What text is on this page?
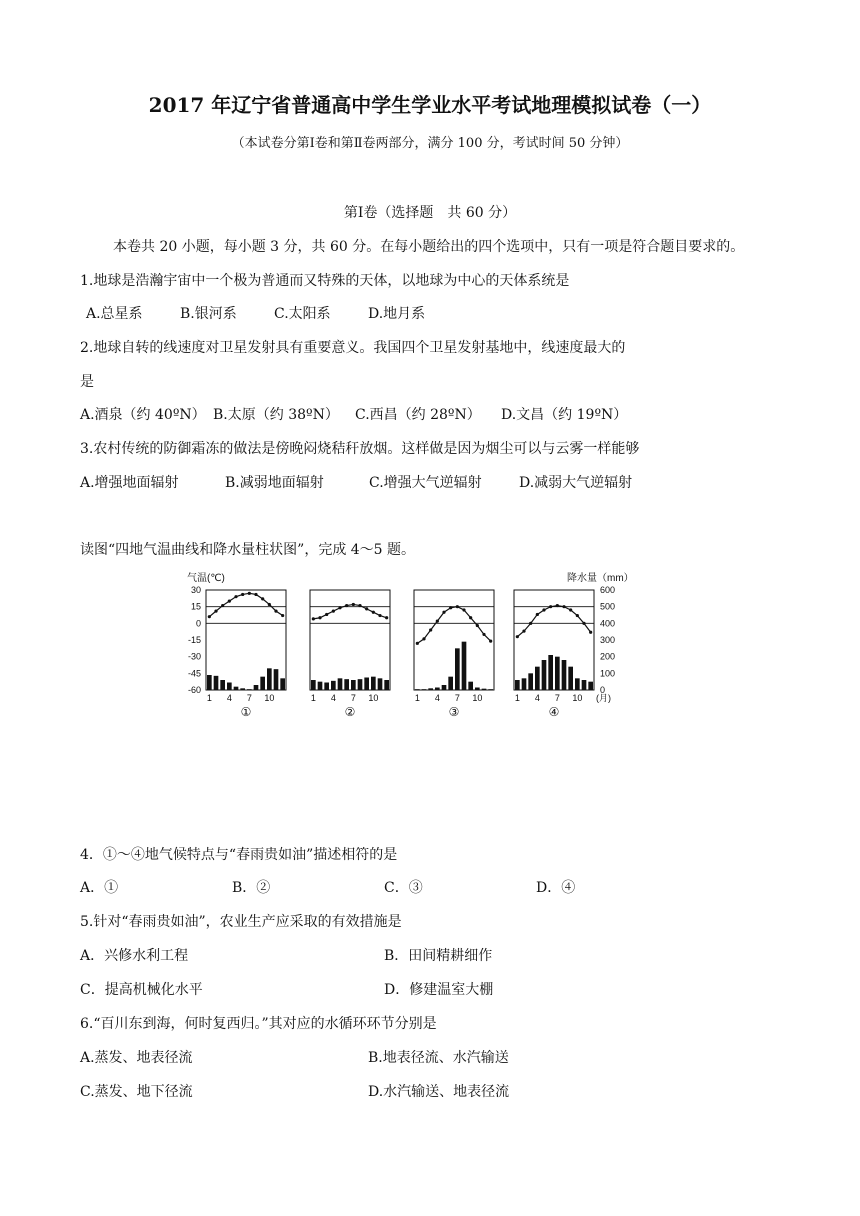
2017 年辽宁省普通高中学生学业水平考试地理模拟试卷（一）
（本试卷分第Ⅰ卷和第Ⅱ卷两部分，满分 100 分，考试时间 50 分钟）
第Ⅰ卷（选择题　共 60 分）
本卷共 20 小题，每小题 3 分，共 60 分。在每小题给出的四个选项中，只有一项是符合题目要求的。
1.地球是浩瀚宇宙中一个极为普通而又特殊的天体，以地球为中心的天体系统是
A.总星系	B.银河系	C.太阳系	D.地月系
2.地球自转的线速度对卫星发射具有重要意义。我国四个卫星发射基地中，线速度最大的
是
A.酒泉（约 40ºN） B.太原（约 38ºN） C.西昌（约 28ºN） D.文昌（约 19ºN）
3.农村传统的防御霜冻的做法是傍晚闷烧秸秆放烟。这样做是因为烟尘可以与云雾一样能够
A.增强地面辐射	B.减弱地面辐射	C.增强大气逆辐射	D.减弱大气逆辐射
读图“四地气温曲线和降水量柱状图”，完成 4～5 题。
气温(℃)	降水量（mm）
30
15
0
-15
-30
-45
-60
600
500
400
300
200
100
0
1 4 7 10
①
1 4 7 10
②
1 4 7 10
③
1 4 7 10
④
(月)
4．①～④地气候特点与“春雨贵如油”描述相符的是
A．①	B．②	C．③	D．④
5.针对“春雨贵如油”，农业生产应采取的有效措施是
A．兴修水利工程	B．田间精耕细作
C．提高机械化水平	D．修建温室大棚
6.“百川东到海，何时复西归。”其对应的水循环环节分别是
A.蒸发、地表径流	B.地表径流、水汽输送
C.蒸发、地下径流	D.水汽输送、地表径流
